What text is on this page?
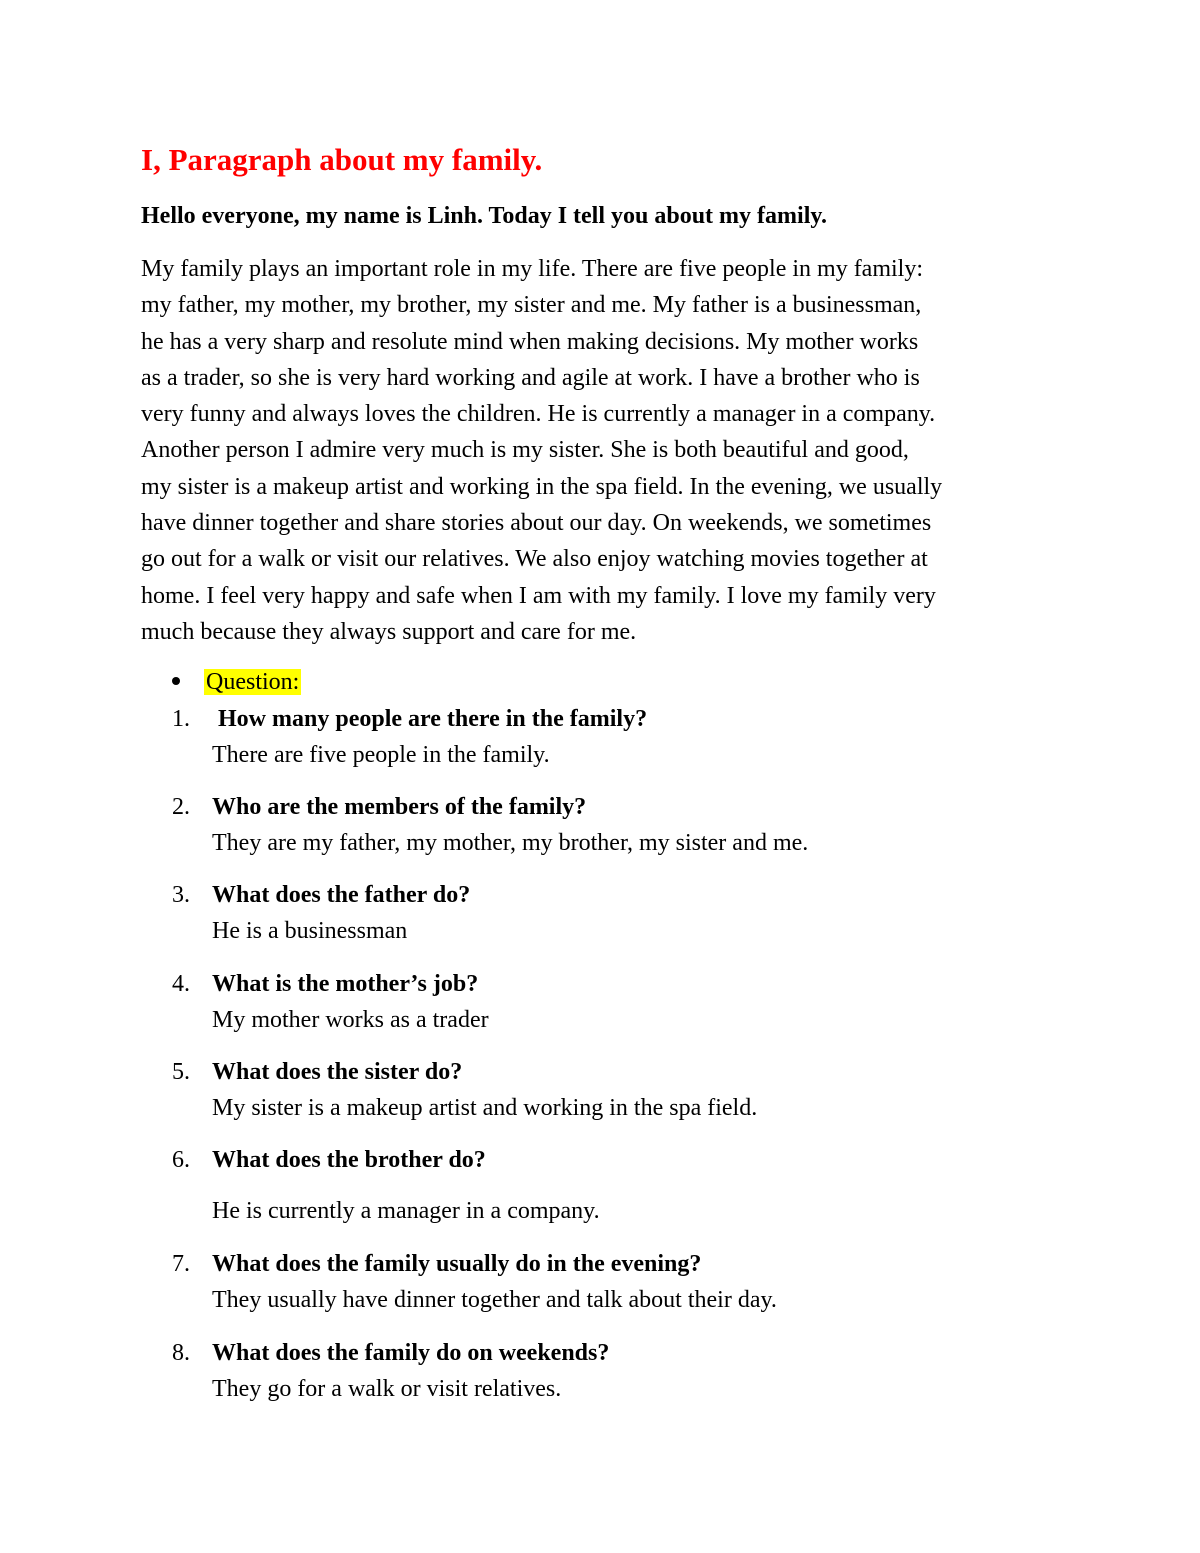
I, Paragraph about my family.
Hello everyone, my name is Linh. Today I tell you about my family.
My family plays an important role in my life. There are five people in my family:
my father, my mother, my brother, my sister and me. My father is a businessman,
he has a very sharp and resolute mind when making decisions. My mother works
as a trader, so she is very hard working and agile at work. I have a brother who is
very funny and always loves the children. He is currently a manager in a company.
Another person I admire very much is my sister. She is both beautiful and good,
my sister is a makeup artist and working in the spa field. In the evening, we usually
have dinner together and share stories about our day. On weekends, we sometimes
go out for a walk or visit our relatives. We also enjoy watching movies together at
home. I feel very happy and safe when I am with my family. I love my family very
much because they always support and care for me.
Question:
1. How many people are there in the family?
There are five people in the family.
2. Who are the members of the family?
They are my father, my mother, my brother, my sister and me.
3. What does the father do?
He is a businessman
4. What is the mother’s job?
My mother works as a trader
5. What does the sister do?
My sister is a makeup artist and working in the spa field.
6. What does the brother do?
He is currently a manager in a company.
7. What does the family usually do in the evening?
They usually have dinner together and talk about their day.
8. What does the family do on weekends?
They go for a walk or visit relatives.
